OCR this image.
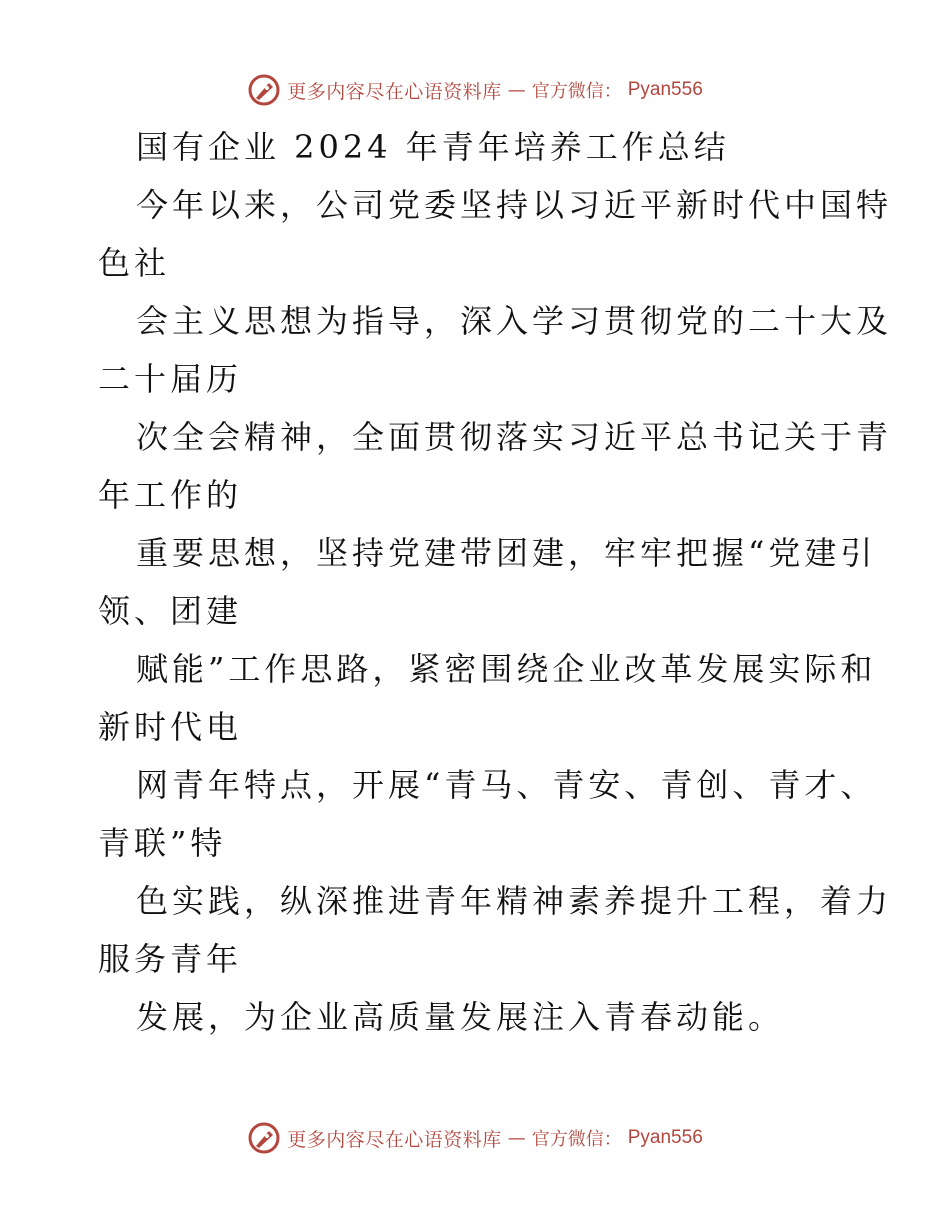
更多内容尽在心语资料库 — 官方微信： Pyan556
国有企业 2024 年青年培养工作总结
今年以来，公司党委坚持以习近平新时代中国特
色社
会主义思想为指导，深入学习贯彻党的二十大及
二十届历
次全会精神，全面贯彻落实习近平总书记关于青
年工作的
重要思想，坚持党建带团建，牢牢把握“党建引
领、团建
赋能”工作思路，紧密围绕企业改革发展实际和
新时代电
网青年特点，开展“青马、青安、青创、青才、
青联”特
色实践，纵深推进青年精神素养提升工程，着力
服务青年
发展，为企业高质量发展注入青春动能。
更多内容尽在心语资料库 — 官方微信： Pyan556
